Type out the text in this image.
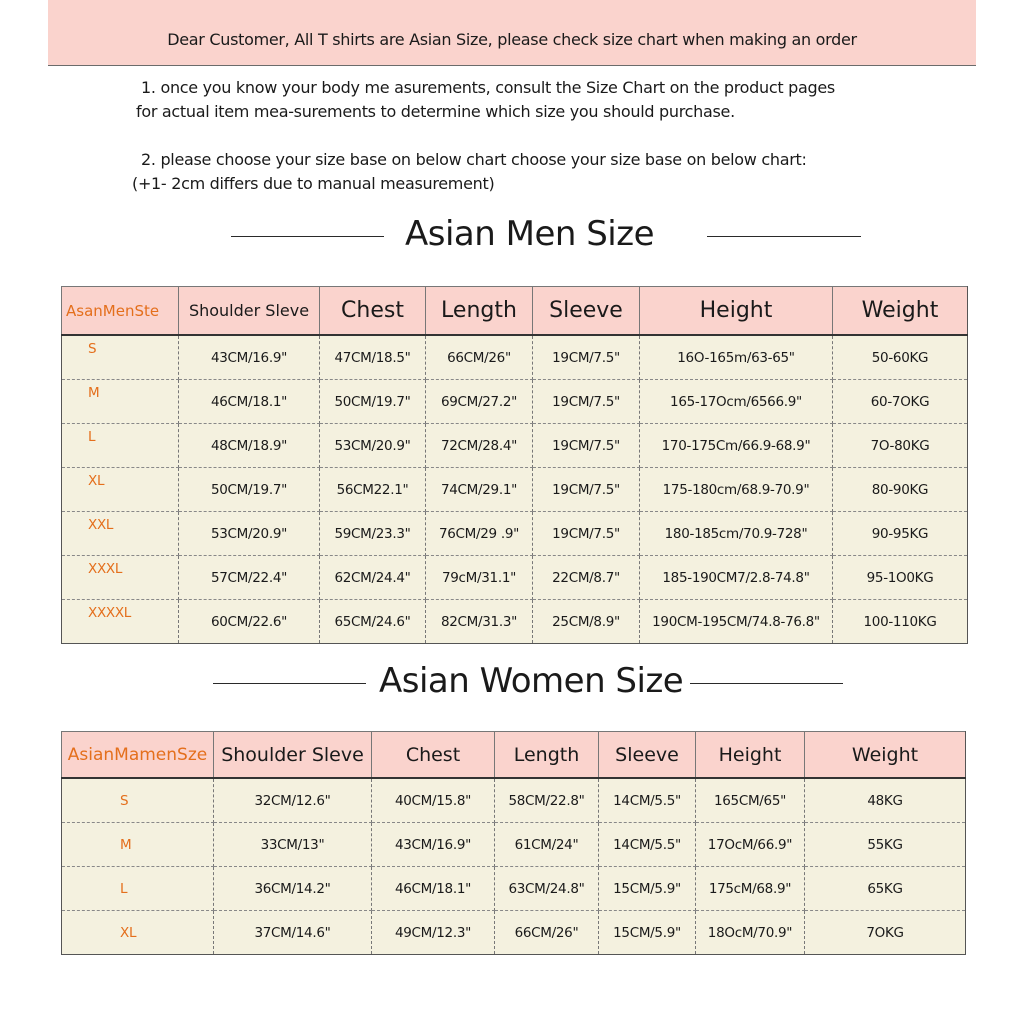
Dear Customer, All T shirts are Asian Size, please check size chart when making an order
1. once you know your body me asurements, consult the Size Chart on the product pages
for actual item mea-surements to determine which size you should purchase.
2. please choose your size base on below chart choose your size base on below chart:
(+1- 2cm differs due to manual measurement)
Asian Men Size
AsanMenSte	Shoulder Sleve	Chest	Length	Sleeve	Height	Weight
S	43CM/16.9"	47CM/18.5"	66CM/26"	19CM/7.5"	16O-165m/63-65"	50-60KG
M	46CM/18.1"	50CM/19.7"	69CM/27.2"	19CM/7.5"	165-17Ocm/6566.9"	60-7OKG
L	48CM/18.9"	53CM/20.9"	72CM/28.4"	19CM/7.5"	170-175Cm/66.9-68.9"	7O-80KG
XL	50CM/19.7"	56CM22.1"	74CM/29.1"	19CM/7.5"	175-180cm/68.9-70.9"	80-90KG
XXL	53CM/20.9"	59CM/23.3"	76CM/29 .9"	19CM/7.5"	180-185cm/70.9-728"	90-95KG
XXXL	57CM/22.4"	62CM/24.4"	79cM/31.1"	22CM/8.7"	185-190CM7/2.8-74.8"	95-1O0KG
XXXXL	60CM/22.6"	65CM/24.6"	82CM/31.3"	25CM/8.9"	190CM-195CM/74.8-76.8"	100-110KG
Asian Women Size
AsianMamenSze	Shoulder Sleve	Chest	Length	Sleeve	Height	Weight
S	32CM/12.6"	40CM/15.8"	58CM/22.8"	14CM/5.5"	165CM/65"	48KG
M	33CM/13"	43CM/16.9"	61CM/24"	14CM/5.5"	17OcM/66.9"	55KG
L	36CM/14.2"	46CM/18.1"	63CM/24.8"	15CM/5.9"	175cM/68.9"	65KG
XL	37CM/14.6"	49CM/12.3"	66CM/26"	15CM/5.9"	18OcM/70.9"	7OKG
